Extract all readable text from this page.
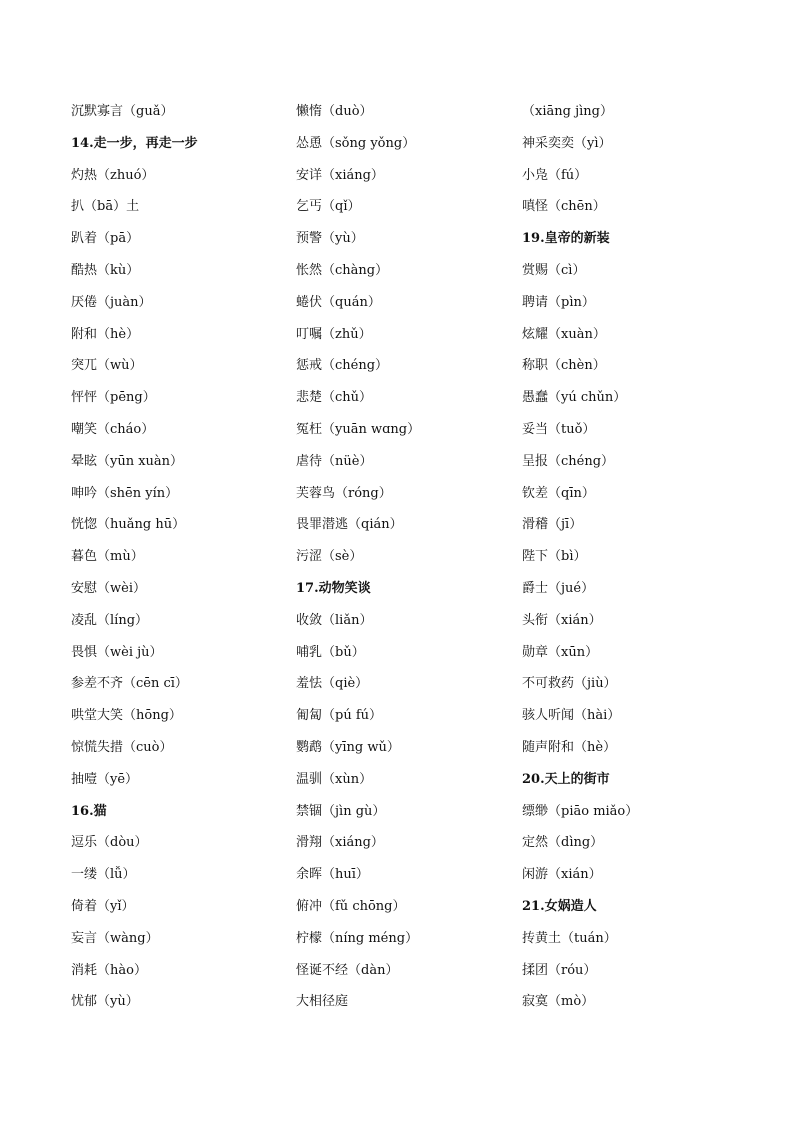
沉默寡言（guǎ）
14.走一步，再走一步
灼热（zhuó）
扒（bā）土
趴着（pā）
酷热（kù）
厌倦（juàn）
附和（hè）
突兀（wù）
怦怦（pēng）
嘲笑（cháo）
晕眩（yūn xuàn）
呻吟（shēn yín）
恍惚（huǎng hū）
暮色（mù）
安慰（wèi）
凌乱（líng）
畏惧（wèi jù）
参差不齐（cēn cī）
哄堂大笑（hōng）
惊慌失措（cuò）
抽噎（yē）
16.猫
逗乐（dòu）
一缕（lǚ）
倚着（yǐ）
妄言（wàng）
消耗（hào）
忧郁（yù）
懒惰（duò）
怂恿（sǒng yǒng）
安详（xiáng）
乞丐（qǐ）
预警（yù）
怅然（chàng）
蜷伏（quán）
叮嘱（zhǔ）
惩戒（chéng）
悲楚（chǔ）
冤枉（yuān wɑng）
虐待（nüè）
芙蓉鸟（róng）
畏罪潜逃（qián）
污涩（sè）
17.动物笑谈
收敛（liǎn）
哺乳（bǔ）
羞怯（qiè）
匍匐（pú fú）
鹦鹉（yīng wǔ）
温驯（xùn）
禁锢（jìn gù）
滑翔（xiáng）
余晖（huī）
俯冲（fǔ chōng）
柠檬（níng méng）
怪诞不经（dàn）
大相径庭
（xiāng jìng）
神采奕奕（yì）
小凫（fú）
嗔怪（chēn）
19.皇帝的新装
赏赐（cì）
聘请（pìn）
炫耀（xuàn）
称职（chèn）
愚蠢（yú chǔn）
妥当（tuǒ）
呈报（chéng）
钦差（qīn）
滑稽（jī）
陛下（bì）
爵士（jué）
头衔（xián）
勋章（xūn）
不可救药（jiù）
骇人听闻（hài）
随声附和（hè）
20.天上的街市
缥缈（piāo miǎo）
定然（dìng）
闲游（xián）
21.女娲造人
抟黄土（tuán）
揉团（róu）
寂寞（mò）
